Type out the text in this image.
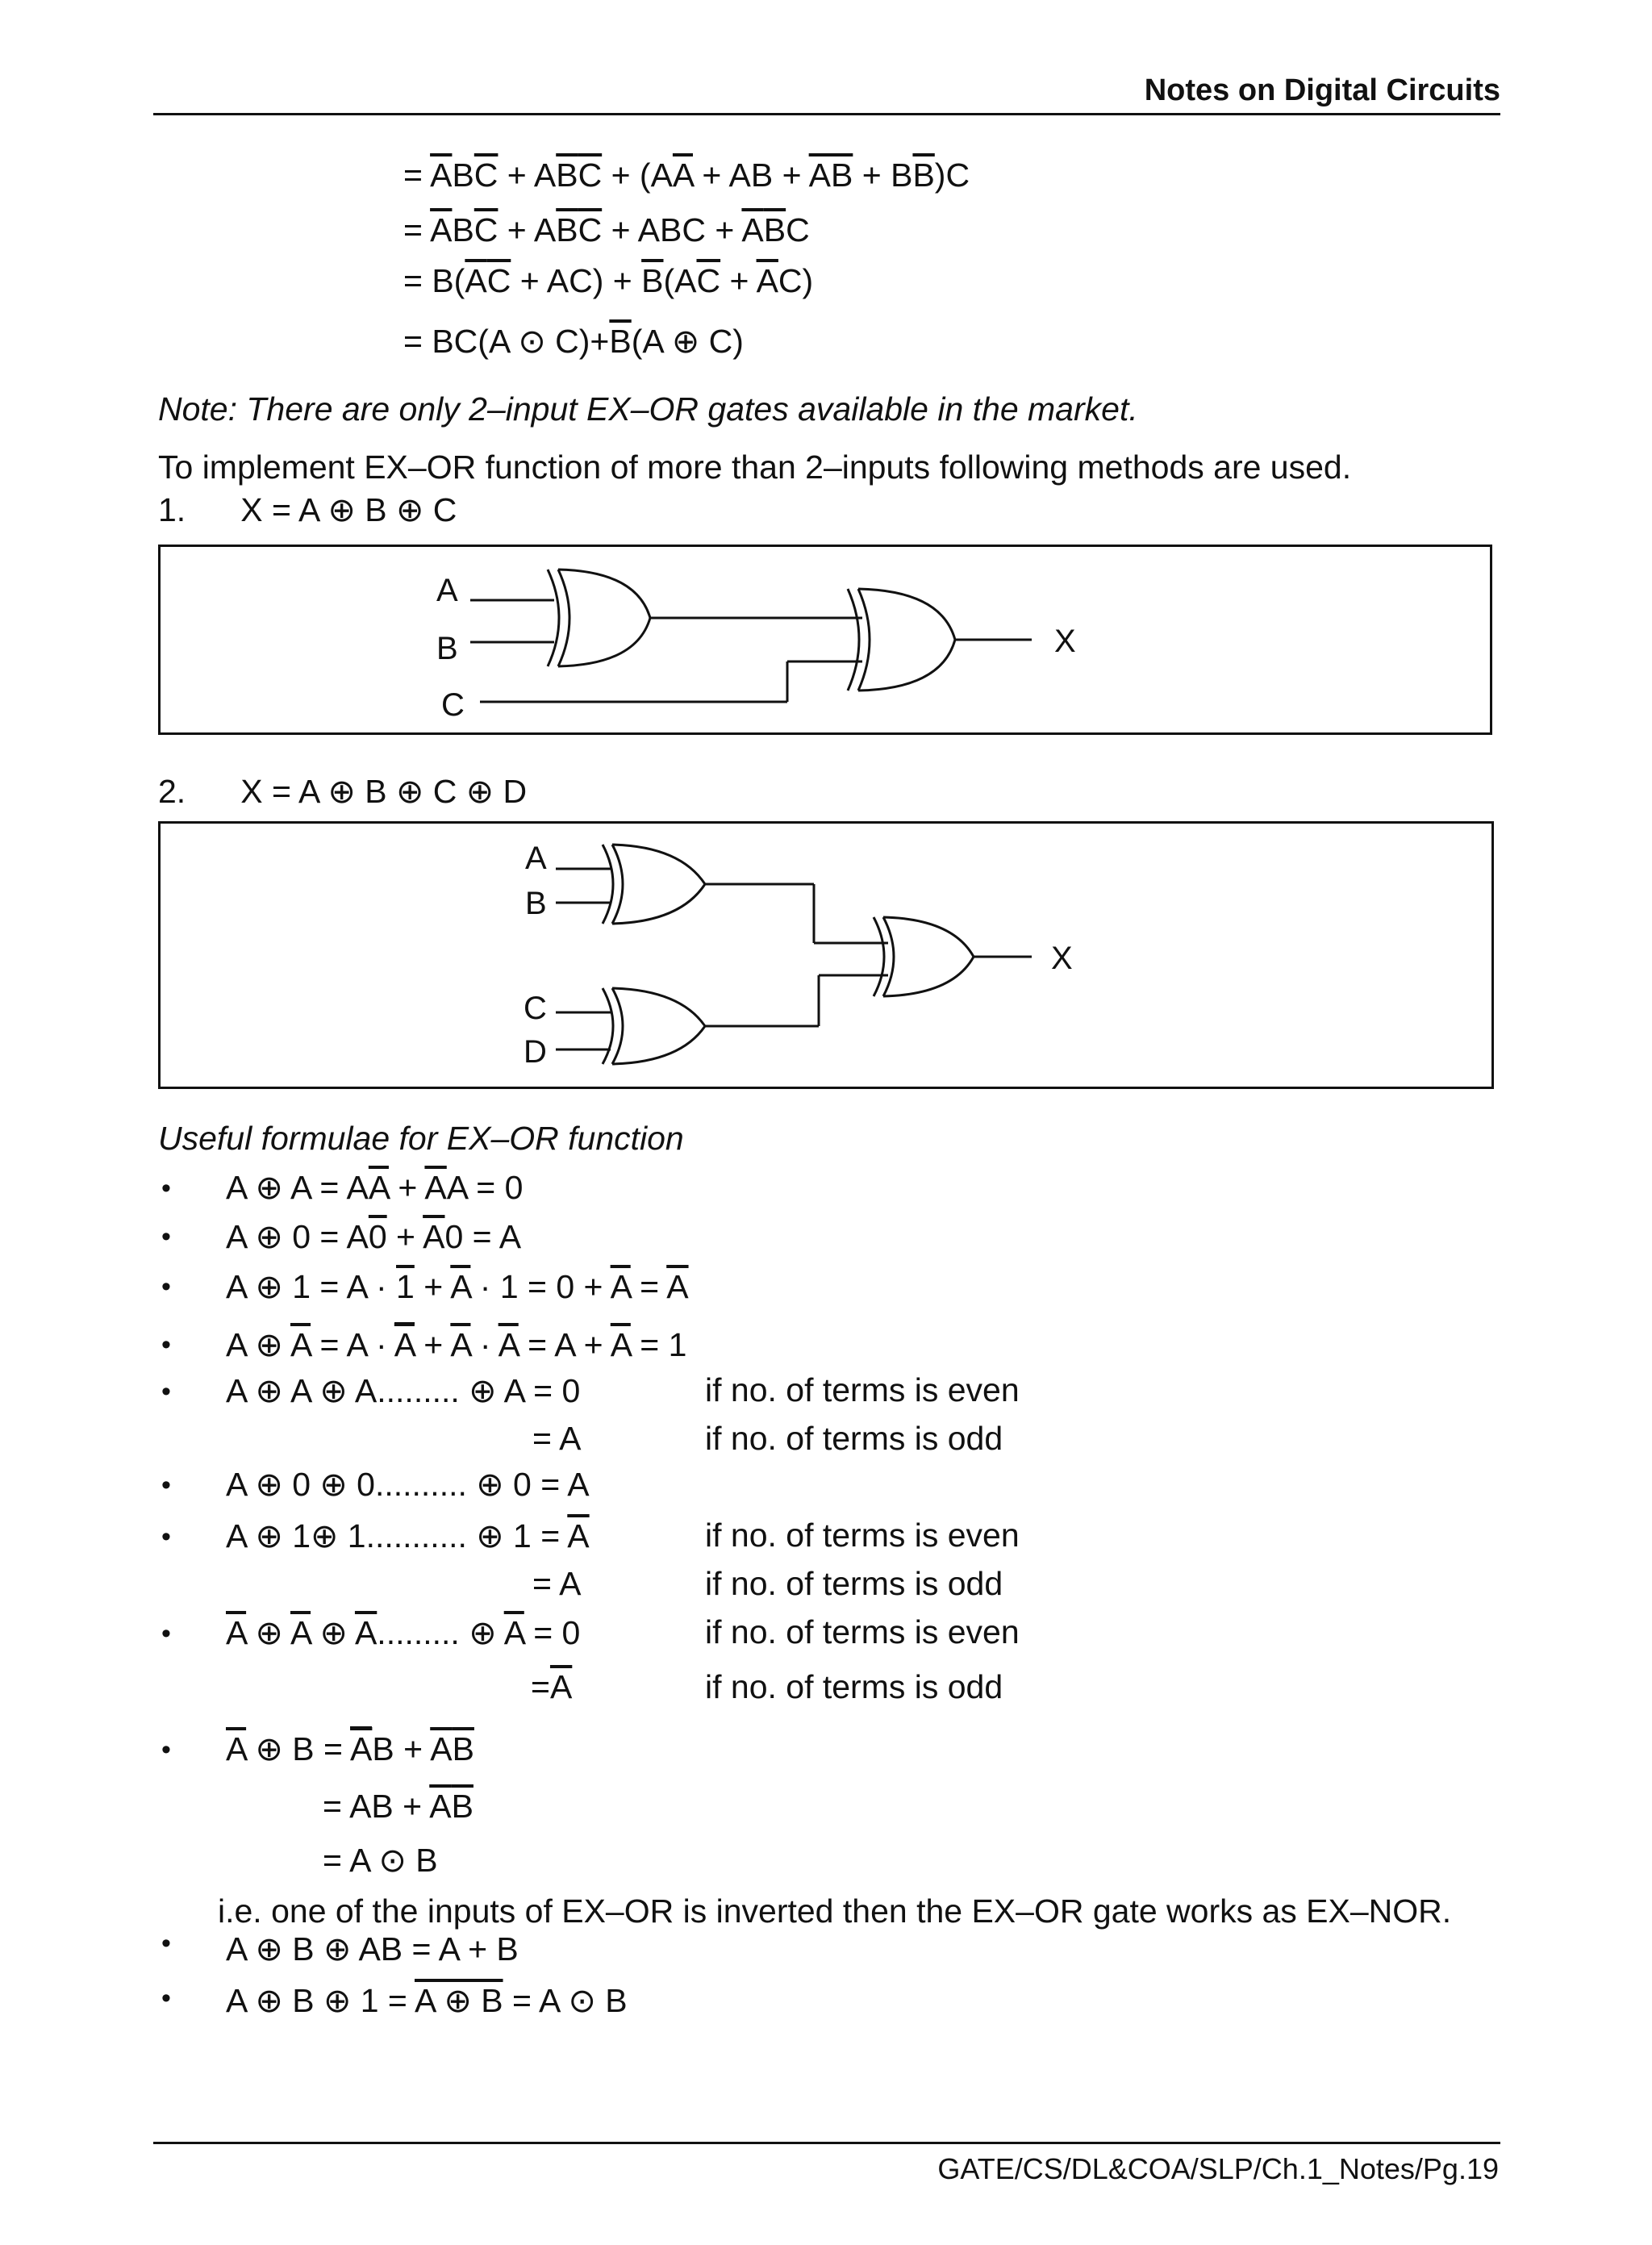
Notes on Digital Circuits
= $\overline{A}B\overline{C} + A\overline{B}\overline{C} + (A\overline{A}$ + AB + $\overline{A}\overline{B} + B\overline{B})C$
= $\overline{A}B\overline{C} + A\overline{B}\overline{C}$ + ABC + $\overline{A}\overline{B}C$
= $B(\overline{A}\overline{C} + AC) + \overline{B}(A\overline{C} + \overline{A}C)$
= BC(A ⊙ $C)+\overline{B}(A$ ⊕ C)
Note: There are only 2–input EX–OR gates available in the market.
To implement EX–OR function of more than 2–inputs following methods are used.
1. X = A ⊕ B ⊕ C
A
B
C
X
2. X = A ⊕ B ⊕ C ⊕ D
A
B
C
D
X
Useful formulae for EX–OR function
•
•
•
•
•
•
•
•
•
•
•
A ⊕ $A = A\overline{A} + \overline{A}A = 0$
A ⊕ $0 = A0 + \overline{A}0 = A$
A ⊕ $1 = A \cdot 1 + \overline{A} \cdot 1 = 0 + \overline{A} = \overline{A}$
A ⊕ $\overline{A} = A \cdot \overline{A} + \overline{A} \cdot \overline{A} = A + \overline{A} = 1$
A ⊕ A ⊕ A......... ⊕ A = 0	if no. of terms is even
= A	if no. of terms is odd
A ⊕ 0 ⊕ 0.......... ⊕ 0 = A
A ⊕ 1⊕ 1........... ⊕ $1 = \overline{A}$	if no. of terms is even
= A	if no. of terms is odd
$\overline{A}$ ⊕ $\overline{A}$ ⊕ $\overline{A}$......... ⊕ $\overline{A} = 0$	if no. of terms is even
$=\overline{A}$	if no. of terms is odd
$\overline{A}$ ⊕ $B = \overline{A}B + \overline{A}\overline{B}$
= AB + $\overline{A}\overline{B}$
= A ⊙ B
i.e. one of the inputs of EX–OR is inverted then the EX–OR gate works as EX–NOR.
A ⊕ B ⊕ AB = A + B
A ⊕ B ⊕ 1 = A ⊕ B = A ⊙ B
GATE/CS/DL&COA/SLP/Ch.1_Notes/Pg.19
